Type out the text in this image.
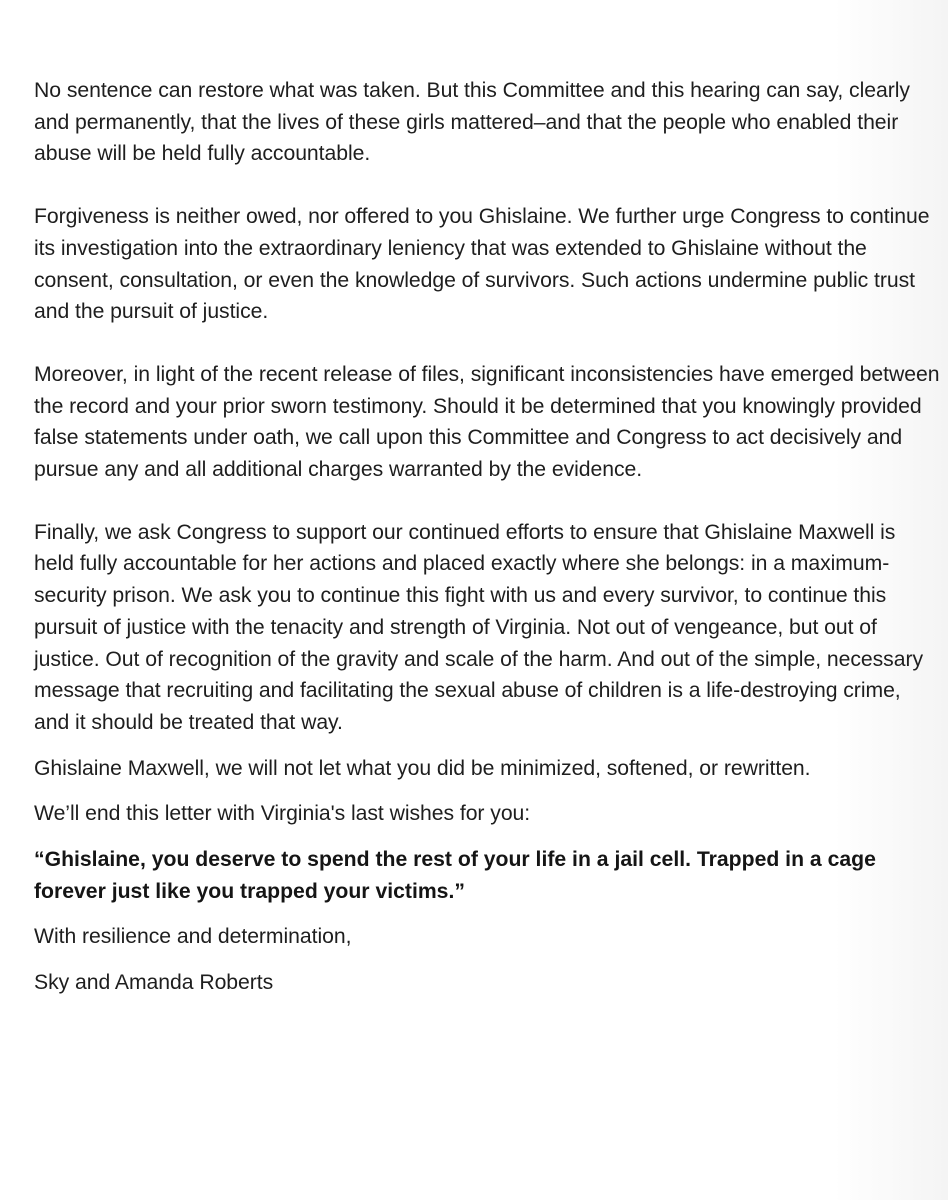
No sentence can restore what was taken. But this Committee and this hearing can say, clearly and permanently, that the lives of these girls mattered–and that the people who enabled their abuse will be held fully accountable.

Forgiveness is neither owed, nor offered to you Ghislaine. We further urge Congress to continue its investigation into the extraordinary leniency that was extended to Ghislaine without the consent, consultation, or even the knowledge of survivors. Such actions undermine public trust and the pursuit of justice.

Moreover, in light of the recent release of files, significant inconsistencies have emerged between the record and your prior sworn testimony. Should it be determined that you knowingly provided false statements under oath, we call upon this Committee and Congress to act decisively and pursue any and all additional charges warranted by the evidence.

Finally, we ask Congress to support our continued efforts to ensure that Ghislaine Maxwell is held fully accountable for her actions and placed exactly where she belongs: in a maximum-security prison. We ask you to continue this fight with us and every survivor, to continue this pursuit of justice with the tenacity and strength of Virginia. Not out of vengeance, but out of justice. Out of recognition of the gravity and scale of the harm. And out of the simple, necessary message that recruiting and facilitating the sexual abuse of children is a life-destroying crime, and it should be treated that way.

Ghislaine Maxwell, we will not let what you did be minimized, softened, or rewritten.

We’ll end this letter with Virginia's last wishes for you:

“Ghislaine, you deserve to spend the rest of your life in a jail cell. Trapped in a cage forever just like you trapped your victims.”

With resilience and determination,

Sky and Amanda Roberts
